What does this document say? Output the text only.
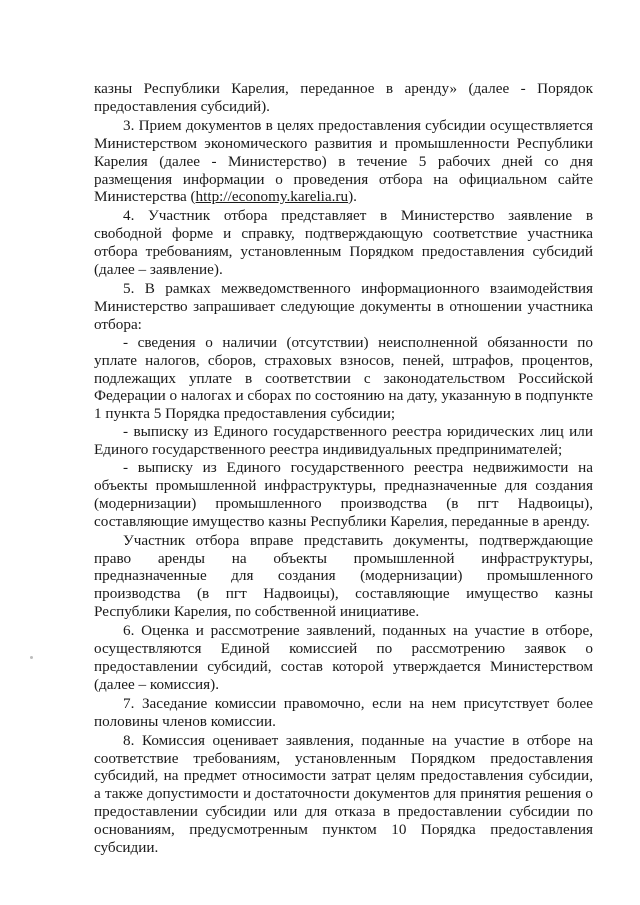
казны Республики Карелия, переданное в аренду» (далее - Порядок предоставления субсидий).

3. Прием документов в целях предоставления субсидии осуществляется Министерством экономического развития и промышленности Республики Карелия (далее - Министерство) в течение 5 рабочих дней со дня размещения информации о проведения отбора на официальном сайте Министерства (http://economy.karelia.ru).

4. Участник отбора представляет в Министерство заявление в свободной форме и справку, подтверждающую соответствие участника отбора требованиям, установленным Порядком предоставления субсидий (далее – заявление).

5. В рамках межведомственного информационного взаимодействия Министерство запрашивает следующие документы в отношении участника отбора:

- сведения о наличии (отсутствии) неисполненной обязанности по уплате налогов, сборов, страховых взносов, пеней, штрафов, процентов, подлежащих уплате в соответствии с законодательством Российской Федерации о налогах и сборах по состоянию на дату, указанную в подпункте 1 пункта 5 Порядка предоставления субсидии;

- выписку из Единого государственного реестра юридических лиц или Единого государственного реестра индивидуальных предпринимателей;

- выписку из Единого государственного реестра недвижимости на объекты промышленной инфраструктуры, предназначенные для создания (модернизации) промышленного производства (в пгт Надвоицы), составляющие имущество казны Республики Карелия, переданные в аренду.

Участник отбора вправе представить документы, подтверждающие право аренды на объекты промышленной инфраструктуры, предназначенные для создания (модернизации) промышленного производства (в пгт Надвоицы), составляющие имущество казны Республики Карелия, по собственной инициативе.

6. Оценка и рассмотрение заявлений, поданных на участие в отборе, осуществляются Единой комиссией по рассмотрению заявок о предоставлении субсидий, состав которой утверждается Министерством (далее – комиссия).

7. Заседание комиссии правомочно, если на нем присутствует более половины членов комиссии.

8. Комиссия оценивает заявления, поданные на участие в отборе на соответствие требованиям, установленным Порядком предоставления субсидий, на предмет относимости затрат целям предоставления субсидии, а также допустимости и достаточности документов для принятия решения о предоставлении субсидии или для отказа в предоставлении субсидии по основаниям, предусмотренным пунктом 10 Порядка предоставления субсидии.
